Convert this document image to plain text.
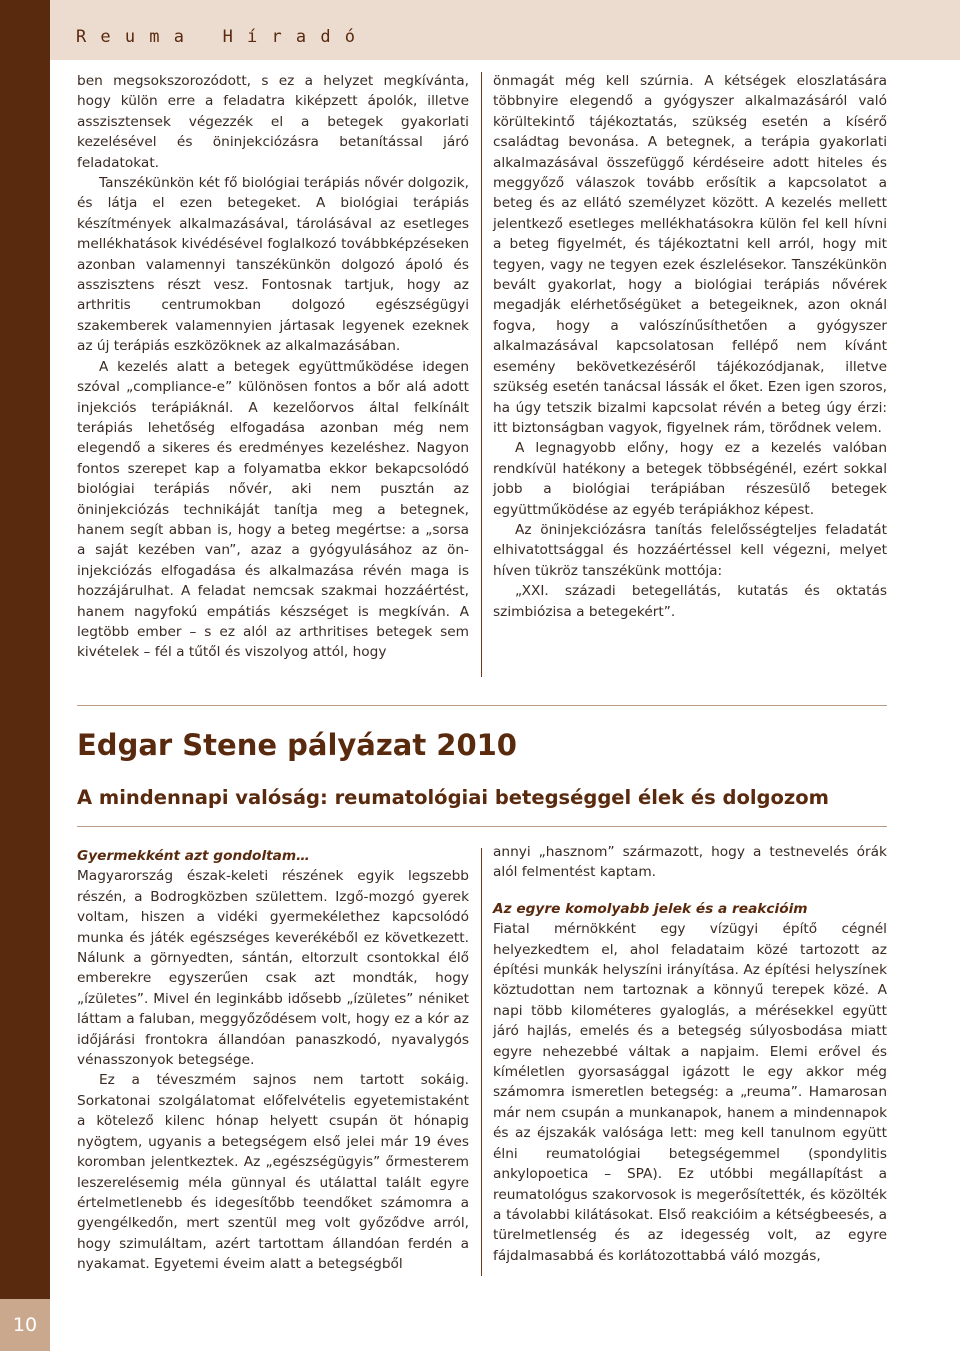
10
Reuma Híradó

ben megsokszorozódott, s ez a helyzet megkívánta, hogy külön erre a feladatra kiképzett ápolók, illetve asszisztensek végezzék el a betegek gyakorlati kezelésével és öninjekciózásra betanítással járó feladatokat.

Tanszékünkön két fő biológiai terápiás nővér dolgozik, és látja el ezen betegeket. A biológiai terápiás készítmények alkalmazásával, tárolásával az esetleges mellékhatások kivédésével foglalkozó továbbképzéseken azonban valamennyi tanszékünkön dolgozó ápoló és asszisztens részt vesz. Fontosnak tartjuk, hogy az arthritis centrumokban dolgozó egészségügyi szakemberek valamennyien jártasak legyenek ezeknek az új terápiás eszközöknek az alkalmazásában.

A kezelés alatt a betegek együttműködése idegen szóval „compliance-e” különösen fontos a bőr alá adott injekciós terápiáknál. A kezelőorvos által felkínált terápiás lehetőség elfogadása azonban még nem elegendő a sikeres és eredményes kezeléshez. Nagyon fontos szerepet kap a folyamatba ekkor bekapcsolódó biológiai terápiás nővér, aki nem pusztán az öninjekciózás technikáját tanítja meg a betegnek, hanem segít abban is, hogy a beteg megértse: a „sorsa a saját kezében van”, azaz a gyógyulásához az ön-injekciózás elfogadása és alkalmazása révén maga is hozzájárulhat. A feladat nemcsak szakmai hozzáértést, hanem nagyfokú empátiás készséget is megkíván. A legtöbb ember – s ez alól az arthritises betegek sem kivételek – fél a tűtől és viszolyog attól, hogy

önmagát még kell szúrnia. A kétségek eloszlatására többnyire elegendő a gyógyszer alkalmazásáról való körültekintő tájékoztatás, szükség esetén a kísérő családtag bevonása. A betegnek, a terápia gyakorlati alkalmazásával összefüggő kérdéseire adott hiteles és meggyőző válaszok tovább erősítik a kapcsolatot a beteg és az ellátó személyzet között. A kezelés mellett jelentkező esetleges mellékhatásokra külön fel kell hívni a beteg figyelmét, és tájékoztatni kell arról, hogy mit tegyen, vagy ne tegyen ezek észlelésekor. Tanszékünkön bevált gyakorlat, hogy a biológiai terápiás nővérek megadják elérhetőségüket a betegeiknek, azon oknál fogva, hogy a valószínűsíthetően a gyógyszer alkalmazásával kapcsolatosan fellépő nem kívánt esemény bekövetkezéséről tájékozódjanak, illetve szükség esetén tanácsal lássák el őket. Ezen igen szoros, ha úgy tetszik bizalmi kapcsolat révén a beteg úgy érzi: itt biztonságban vagyok, figyelnek rám, törődnek velem.

A legnagyobb előny, hogy ez a kezelés valóban rendkívül hatékony a betegek többségénél, ezért sokkal jobb a biológiai terápiában részesülő betegek együttműködése az egyéb terápiákhoz képest.

Az öninjekciózásra tanítás felelősségteljes feladatát elhivatottsággal és hozzáértéssel kell végezni, melyet híven tükröz tanszékünk mottója:

„XXI. századi betegellátás, kutatás és oktatás szimbiózisa a betegekért”.

Edgar Stene pályázat 2010
A mindennapi valóság: reumatológiai betegséggel élek és dolgozom
Gyermekként azt gondoltam…

Magyarország észak-keleti részének egyik legszebb részén, a Bodrogközben születtem. Izgő-mozgó gyerek voltam, hiszen a vidéki gyermekélethez kapcsolódó munka és játék egészséges keverékéből ez következett. Nálunk a görnyedten, sántán, eltorzult csontokkal élő emberekre egyszerűen csak azt mondták, hogy „ízületes”. Mivel én leginkább idősebb „ízületes” néniket láttam a faluban, meggyőződésem volt, hogy ez a kór az időjárási frontokra állandóan panaszkodó, nyavalygós vénasszonyok betegsége.

Ez a téveszmém sajnos nem tartott sokáig. Sorkatonai szolgálatomat előfelvételis egyetemistaként a kötelező kilenc hónap helyett csupán öt hónapig nyögtem, ugyanis a betegségem első jelei már 19 éves koromban jelentkeztek. Az „egészségügyis” őrmesterem leszerelésemig méla günnyal és utálattal talált egyre értelmetlenebb és idegesítőbb teendőket számomra a gyengélkedőn, mert szentül meg volt győződve arról, hogy szimuláltam, azért tartottam állandóan ferdén a nyakamat. Egyetemi éveim alatt a betegségből

annyi „hasznom” származott, hogy a testnevelés órák alól felmentést kaptam.

Az egyre komolyabb jelek és a reakcióim

Fiatal mérnökként egy vízügyi építő cégnél helyezkedtem el, ahol feladataim közé tartozott az építési munkák helyszíni irányítása. Az építési helyszínek köztudottan nem tartoznak a könnyű terepek közé. A napi több kilométeres gyaloglás, a mérésekkel együtt járó hajlás, emelés és a betegség súlyosbodása miatt egyre nehezebbé váltak a napjaim. Elemi erővel és kíméletlen gyorsasággal igázott le egy akkor még számomra ismeretlen betegség: a „reuma”. Hamarosan már nem csupán a munkanapok, hanem a mindennapok és az éjszakák valósága lett: meg kell tanulnom együtt élni reumatológiai betegségemmel (spondylitis ankylopoetica – SPA). Ez utóbbi megállapítást a reumatológus szakorvosok is megerősítették, és közölték a távolabbi kilátásokat. Első reakcióim a kétségbeesés, a türelmetlenség és az idegesség volt, az egyre fájdalmasabbá és korlátozottabbá váló mozgás,
